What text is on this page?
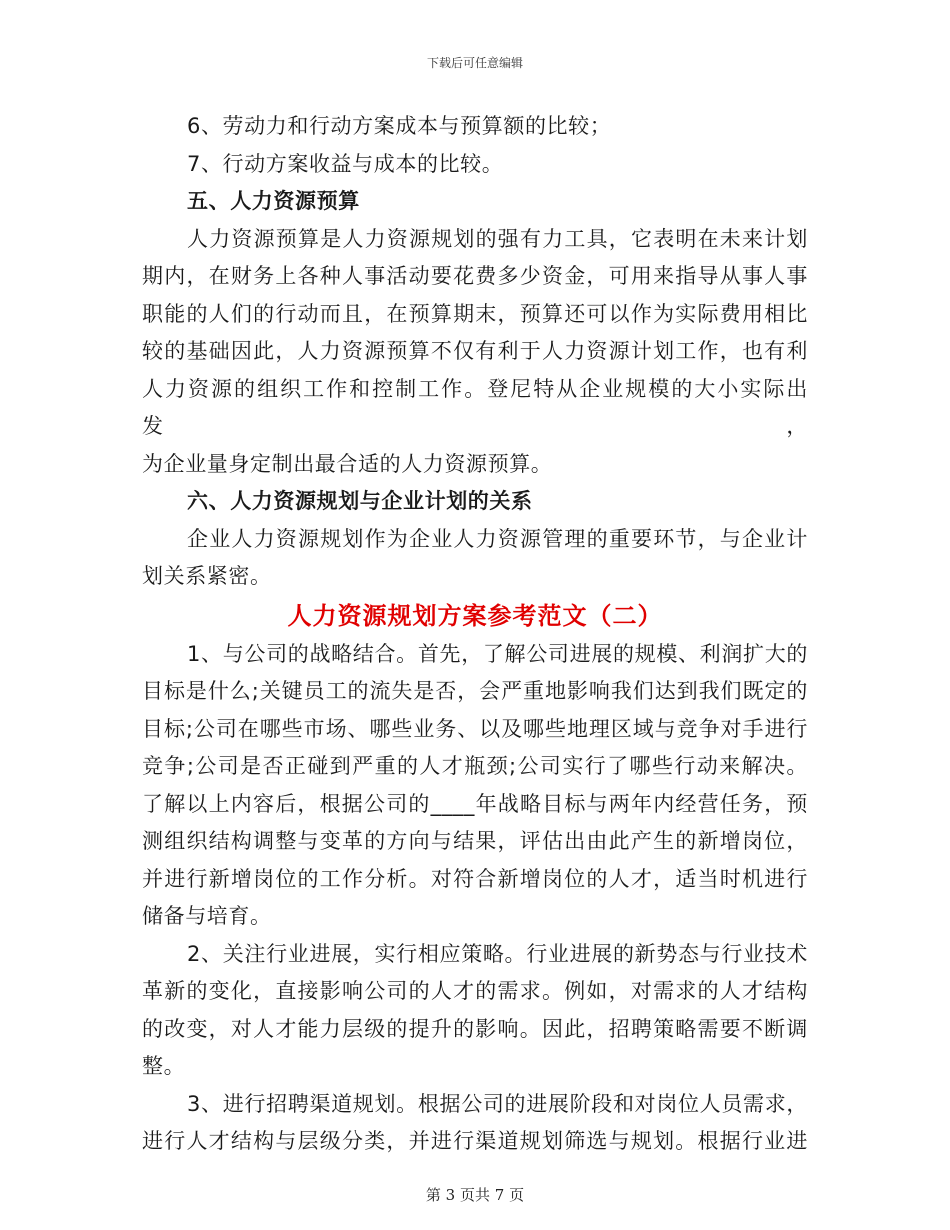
下载后可任意编辑
6、劳动力和行动方案成本与预算额的比较；
7、行动方案收益与成本的比较。
五、人力资源预算
人力资源预算是人力资源规划的强有力工具，它表明在未来计划
期内，在财务上各种人事活动要花费多少资金，可用来指导从事人事
职能的人们的行动而且，在预算期末，预算还可以作为实际费用相比
较的基础因此，人力资源预算不仅有利于人力资源计划工作，也有利
人力资源的组织工作和控制工作。登尼特从企业规模的大小实际出发，
为企业量身定制出最合适的人力资源预算。
六、人力资源规划与企业计划的关系
企业人力资源规划作为企业人力资源管理的重要环节，与企业计
划关系紧密。
人力资源规划方案参考范文（二）
1、与公司的战略结合。首先，了解公司进展的规模、利润扩大的
目标是什么;关键员工的流失是否，会严重地影响我们达到我们既定的
目标;公司在哪些市场、哪些业务、以及哪些地理区域与竞争对手进行
竞争;公司是否正碰到严重的人才瓶颈;公司实行了哪些行动来解决。
了解以上内容后，根据公司的____年战略目标与两年内经营任务，预
测组织结构调整与变革的方向与结果，评估出由此产生的新增岗位，
并进行新增岗位的工作分析。对符合新增岗位的人才，适当时机进行
储备与培育。
2、关注行业进展，实行相应策略。行业进展的新势态与行业技术
革新的变化，直接影响公司的人才的需求。例如，对需求的人才结构
的改变，对人才能力层级的提升的影响。因此，招聘策略需要不断调
整。
3、进行招聘渠道规划。根据公司的进展阶段和对岗位人员需求，
进行人才结构与层级分类，并进行渠道规划筛选与规划。根据行业进
第 3 页共 7 页
